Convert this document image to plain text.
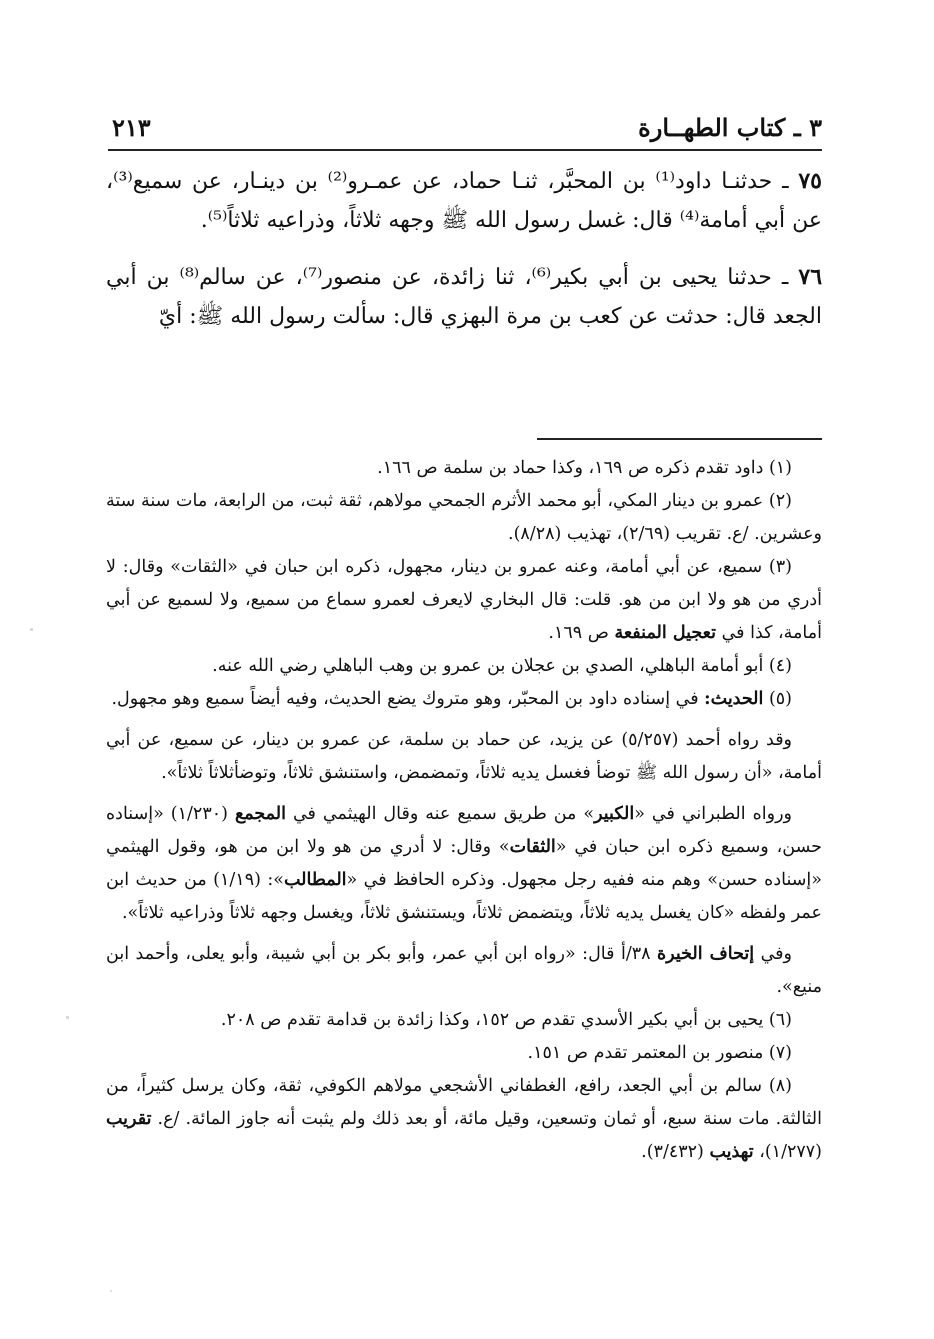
٣ ـ كتاب الطهــارة
٢١٣

٧٥ ـ حدثنـا داود⁽¹⁾ بن المحبَّر، ثنـا حماد، عن عمـرو⁽²⁾ بن دينـار، عن سميع⁽³⁾، عن أبي أمامة⁽⁴⁾ قال: غسل رسول الله ﷺ وجهه ثلاثاً، وذراعيه ثلاثاً⁽⁵⁾.

٧٦ ـ حدثنا يحيى بن أبي بكير⁽⁶⁾، ثنا زائدة، عن منصور⁽⁷⁾، عن سالم⁽⁸⁾ بن أبي الجعد قال: حدثت عن كعب بن مرة البهزي قال: سألت رسول الله ﷺ: أيّ

(١) داود تقدم ذكره ص ١٦٩، وكذا حماد بن سلمة ص ١٦٦.

(٢) عمرو بن دينار المكي، أبو محمد الأثرم الجمحي مولاهم، ثقة ثبت، من الرابعة، مات سنة ستة وعشرين. /ع. تقريب (٢/٦٩)، تهذيب (٨/٢٨).

(٣) سميع، عن أبي أمامة، وعنه عمرو بن دينار، مجهول، ذكره ابن حبان في «الثقات» وقال: لا أدري من هو ولا ابن من هو. قلت: قال البخاري لايعرف لعمرو سماع من سميع، ولا لسميع عن أبي أمامة، كذا في تعجيل المنفعة ص ١٦٩.

(٤) أبو أمامة الباهلي، الصدي بن عجلان بن عمرو بن وهب الباهلي رضي الله عنه.

(٥) الحديث: في إسناده داود بن المحبّر، وهو متروك يضع الحديث، وفيه أيضاً سميع وهو مجهول.

وقد رواه أحمد (٥/٢٥٧) عن يزيد، عن حماد بن سلمة، عن عمرو بن دينار، عن سميع، عن أبي أمامة، «أن رسول الله ﷺ توضأ فغسل يديه ثلاثاً، وتمضمض، واستنشق ثلاثاً، وتوضأثلاثاً ثلاثاً».

ورواه الطبراني في «الكبير» من طريق سميع عنه وقال الهيثمي في المجمع (١/٢٣٠) «إسناده حسن، وسميع ذكره ابن حبان في «الثقات» وقال: لا أدري من هو ولا ابن من هو، وقول الهيثمي «إسناده حسن» وهم منه ففيه رجل مجهول. وذكره الحافظ في «المطالب»: (١/١٩) من حديث ابن عمر ولفظه «كان يغسل يديه ثلاثاً، ويتضمض ثلاثاً، ويستنشق ثلاثاً، ويغسل وجهه ثلاثاً وذراعيه ثلاثاً».

وفي إتحاف الخيرة ٣٨/أ قال: «رواه ابن أبي عمر، وأبو بكر بن أبي شيبة، وأبو يعلى، وأحمد ابن منيع».

(٦) يحيى بن أبي بكير الأسدي تقدم ص ١٥٢، وكذا زائدة بن قدامة تقدم ص ٢٠٨.

(٧) منصور بن المعتمر تقدم ص ١٥١.

(٨) سالم بن أبي الجعد، رافع، الغطفاني الأشجعي مولاهم الكوفي، ثقة، وكان يرسل كثيراً، من الثالثة. مات سنة سبع، أو ثمان وتسعين، وقيل مائة، أو بعد ذلك ولم يثبت أنه جاوز المائة. /ع. تقريب (١/٢٧٧)، تهذيب (٣/٤٣٢).
